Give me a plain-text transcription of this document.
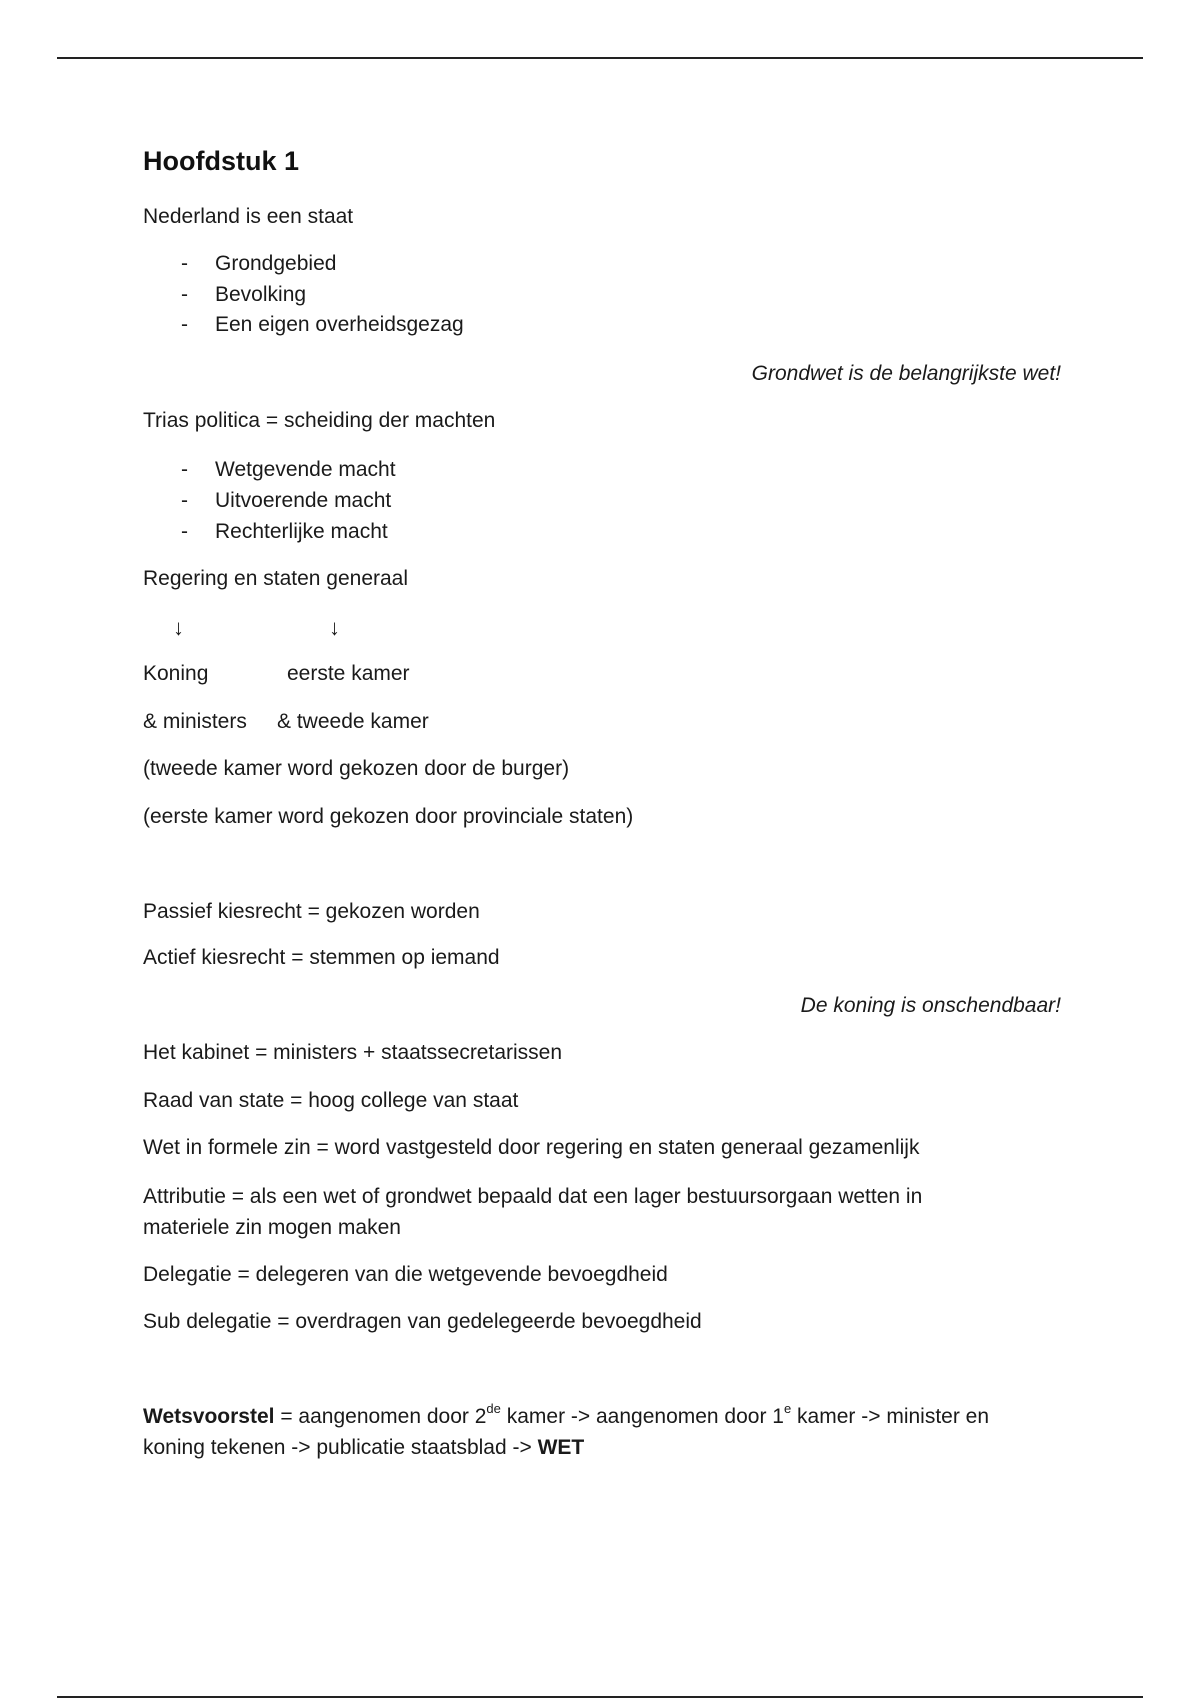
Hoofdstuk 1
Nederland is een staat
- Grondgebied
- Bevolking
- Een eigen overheidsgezag
Grondwet is de belangrijkste wet!
Trias politica = scheiding der machten
- Wetgevende macht
- Uitvoerende macht
- Rechterlijke macht
Regering en staten generaal
↓	↓
Koning	eerste kamer
& ministers & tweede kamer
(tweede kamer word gekozen door de burger)
(eerste kamer word gekozen door provinciale staten)
Passief kiesrecht = gekozen worden
Actief kiesrecht = stemmen op iemand
De koning is onschendbaar!
Het kabinet = ministers + staatssecretarissen
Raad van state = hoog college van staat
Wet in formele zin = word vastgesteld door regering en staten generaal gezamenlijk
Attributie = als een wet of grondwet bepaald dat een lager bestuursorgaan wetten in materiele zin mogen maken
Delegatie = delegeren van die wetgevende bevoegdheid
Sub delegatie = overdragen van gedelegeerde bevoegdheid
Wetsvoorstel = aangenomen door 2de kamer -> aangenomen door 1e kamer -> minister en koning tekenen -> publicatie staatsblad -> WET
